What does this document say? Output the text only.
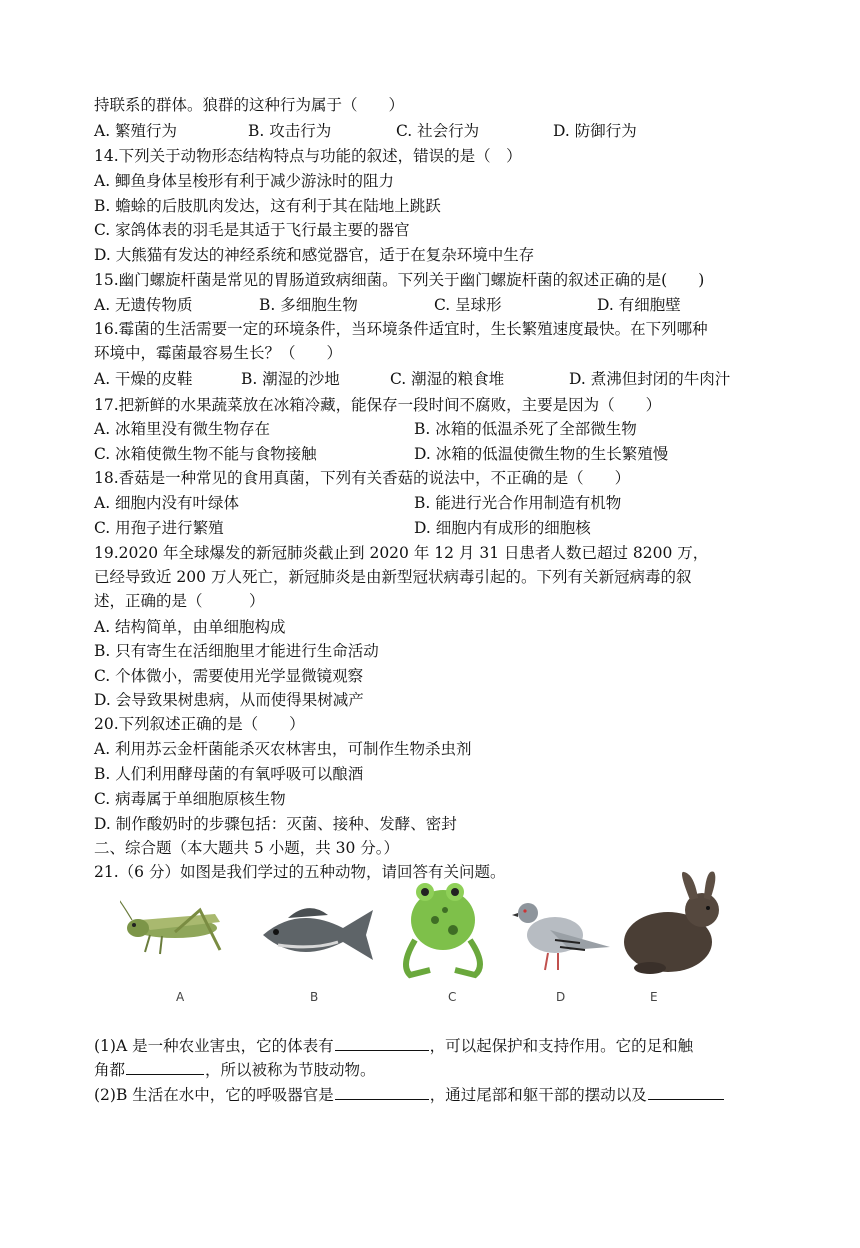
持联系的群体。狼群的这种行为属于（　　）
A. 繁殖行为	B. 攻击行为	C. 社会行为	D. 防御行为
14.下列关于动物形态结构特点与功能的叙述，错误的是（　）
A. 鲫鱼身体呈梭形有利于减少游泳时的阻力
B. 蟾蜍的后肢肌肉发达，这有利于其在陆地上跳跃
C. 家鸽体表的羽毛是其适于飞行最主要的器官
D. 大熊猫有发达的神经系统和感觉器官，适于在复杂环境中生存
15.幽门螺旋杆菌是常见的胃肠道致病细菌。下列关于幽门螺旋杆菌的叙述正确的是(　　)
A. 无遗传物质	B. 多细胞生物	C. 呈球形	D. 有细胞壁
16.霉菌的生活需要一定的环境条件，当环境条件适宜时，生长繁殖速度最快。在下列哪种
环境中，霉菌最容易生长？（　　）
A. 干燥的皮鞋	B. 潮湿的沙地	C. 潮湿的粮食堆	D. 煮沸但封闭的牛肉汁
17.把新鲜的水果蔬菜放在冰箱冷藏，能保存一段时间不腐败，主要是因为（　　）
A. 冰箱里没有微生物存在	B. 冰箱的低温杀死了全部微生物
C. 冰箱使微生物不能与食物接触	D. 冰箱的低温使微生物的生长繁殖慢
18.香菇是一种常见的食用真菌，下列有关香菇的说法中，不正确的是（　　）
A. 细胞内没有叶绿体	B. 能进行光合作用制造有机物
C. 用孢子进行繁殖	D. 细胞内有成形的细胞核
19.2020 年全球爆发的新冠肺炎截止到 2020 年 12 月 31 日患者人数已超过 8200 万，
已经导致近 200 万人死亡，新冠肺炎是由新型冠状病毒引起的。下列有关新冠病毒的叙
述，正确的是（　　　）
A. 结构简单，由单细胞构成
B. 只有寄生在活细胞里才能进行生命活动
C. 个体微小，需要使用光学显微镜观察
D. 会导致果树患病，从而使得果树减产
20.下列叙述正确的是（　　）
A. 利用苏云金杆菌能杀灭农林害虫，可制作生物杀虫剂
B. 人们利用酵母菌的有氧呼吸可以酿酒
C. 病毒属于单细胞原核生物
D. 制作酸奶时的步骤包括：灭菌、接种、发酵、密封
二、综合题（本大题共 5 小题，共 30 分。）
21.（6 分）如图是我们学过的五种动物，请回答有关问题。
A	B	C	D	E
(1)A 是一种农业害虫，它的体表有	，可以起保护和支持作用。它的足和触
角都	，所以被称为节肢动物。
(2)B 生活在水中，它的呼吸器官是	，通过尾部和躯干部的摆动以及
